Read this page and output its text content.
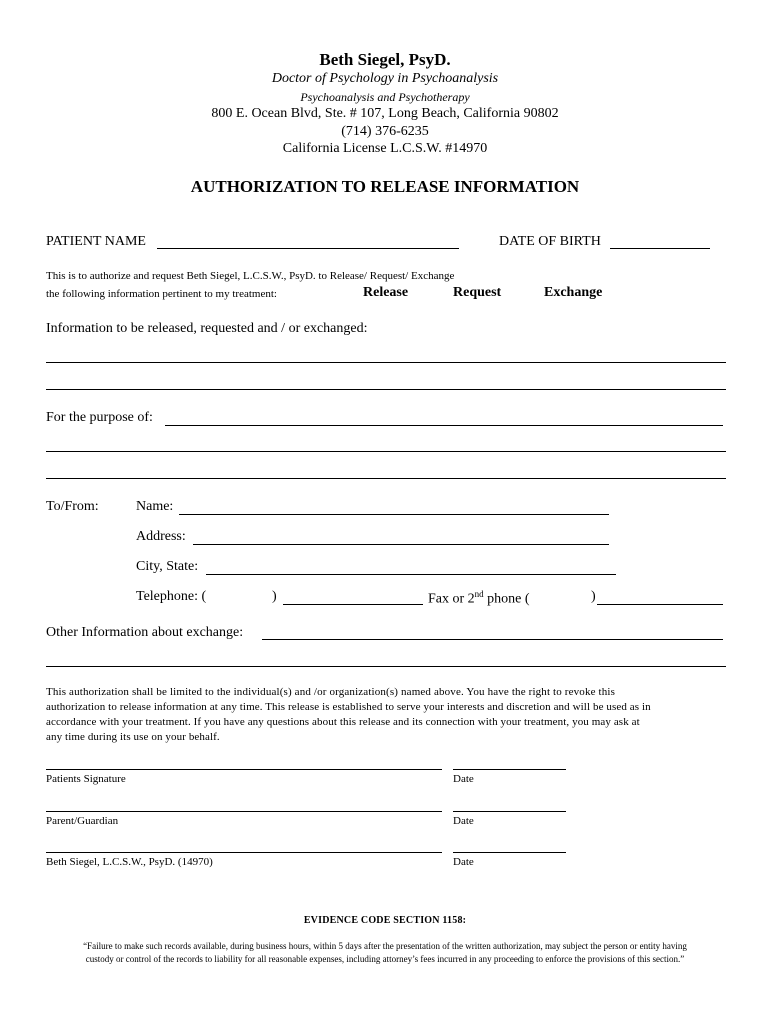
Beth Siegel, PsyD.
Doctor of Psychology in Psychoanalysis
Psychoanalysis and Psychotherapy
800 E. Ocean Blvd, Ste. # 107, Long Beach, California 90802
(714) 376-6235
California License L.C.S.W. #14970
AUTHORIZATION TO RELEASE INFORMATION
PATIENT NAME	DATE OF BIRTH
This is to authorize and request Beth Siegel, L.C.S.W., PsyD. to Release/ Request/ Exchange
the following information pertinent to my treatment:	Release	Request	Exchange
Information to be released, requested and / or exchanged:
For the purpose of:
To/From:	Name:
Address:
City, State:
Telephone: (	)	Fax or 2nd phone (	)
Other Information about exchange:
This authorization shall be limited to the individual(s) and /or organization(s) named above. You have the right to revoke this
authorization to release information at any time. This release is established to serve your interests and discretion and will be used as in
accordance with your treatment. If you have any questions about this release and its connection with your treatment, you may ask at
any time during its use on your behalf.
Patients Signature	Date
Parent/Guardian	Date
Beth Siegel, L.C.S.W., PsyD. (14970)	Date
EVIDENCE CODE SECTION 1158:
“Failure to make such records available, during business hours, within 5 days after the presentation of the written authorization, may subject the person or entity having
custody or control of the records to liability for all reasonable expenses, including attorney’s fees incurred in any proceeding to enforce the provisions of this section.”
